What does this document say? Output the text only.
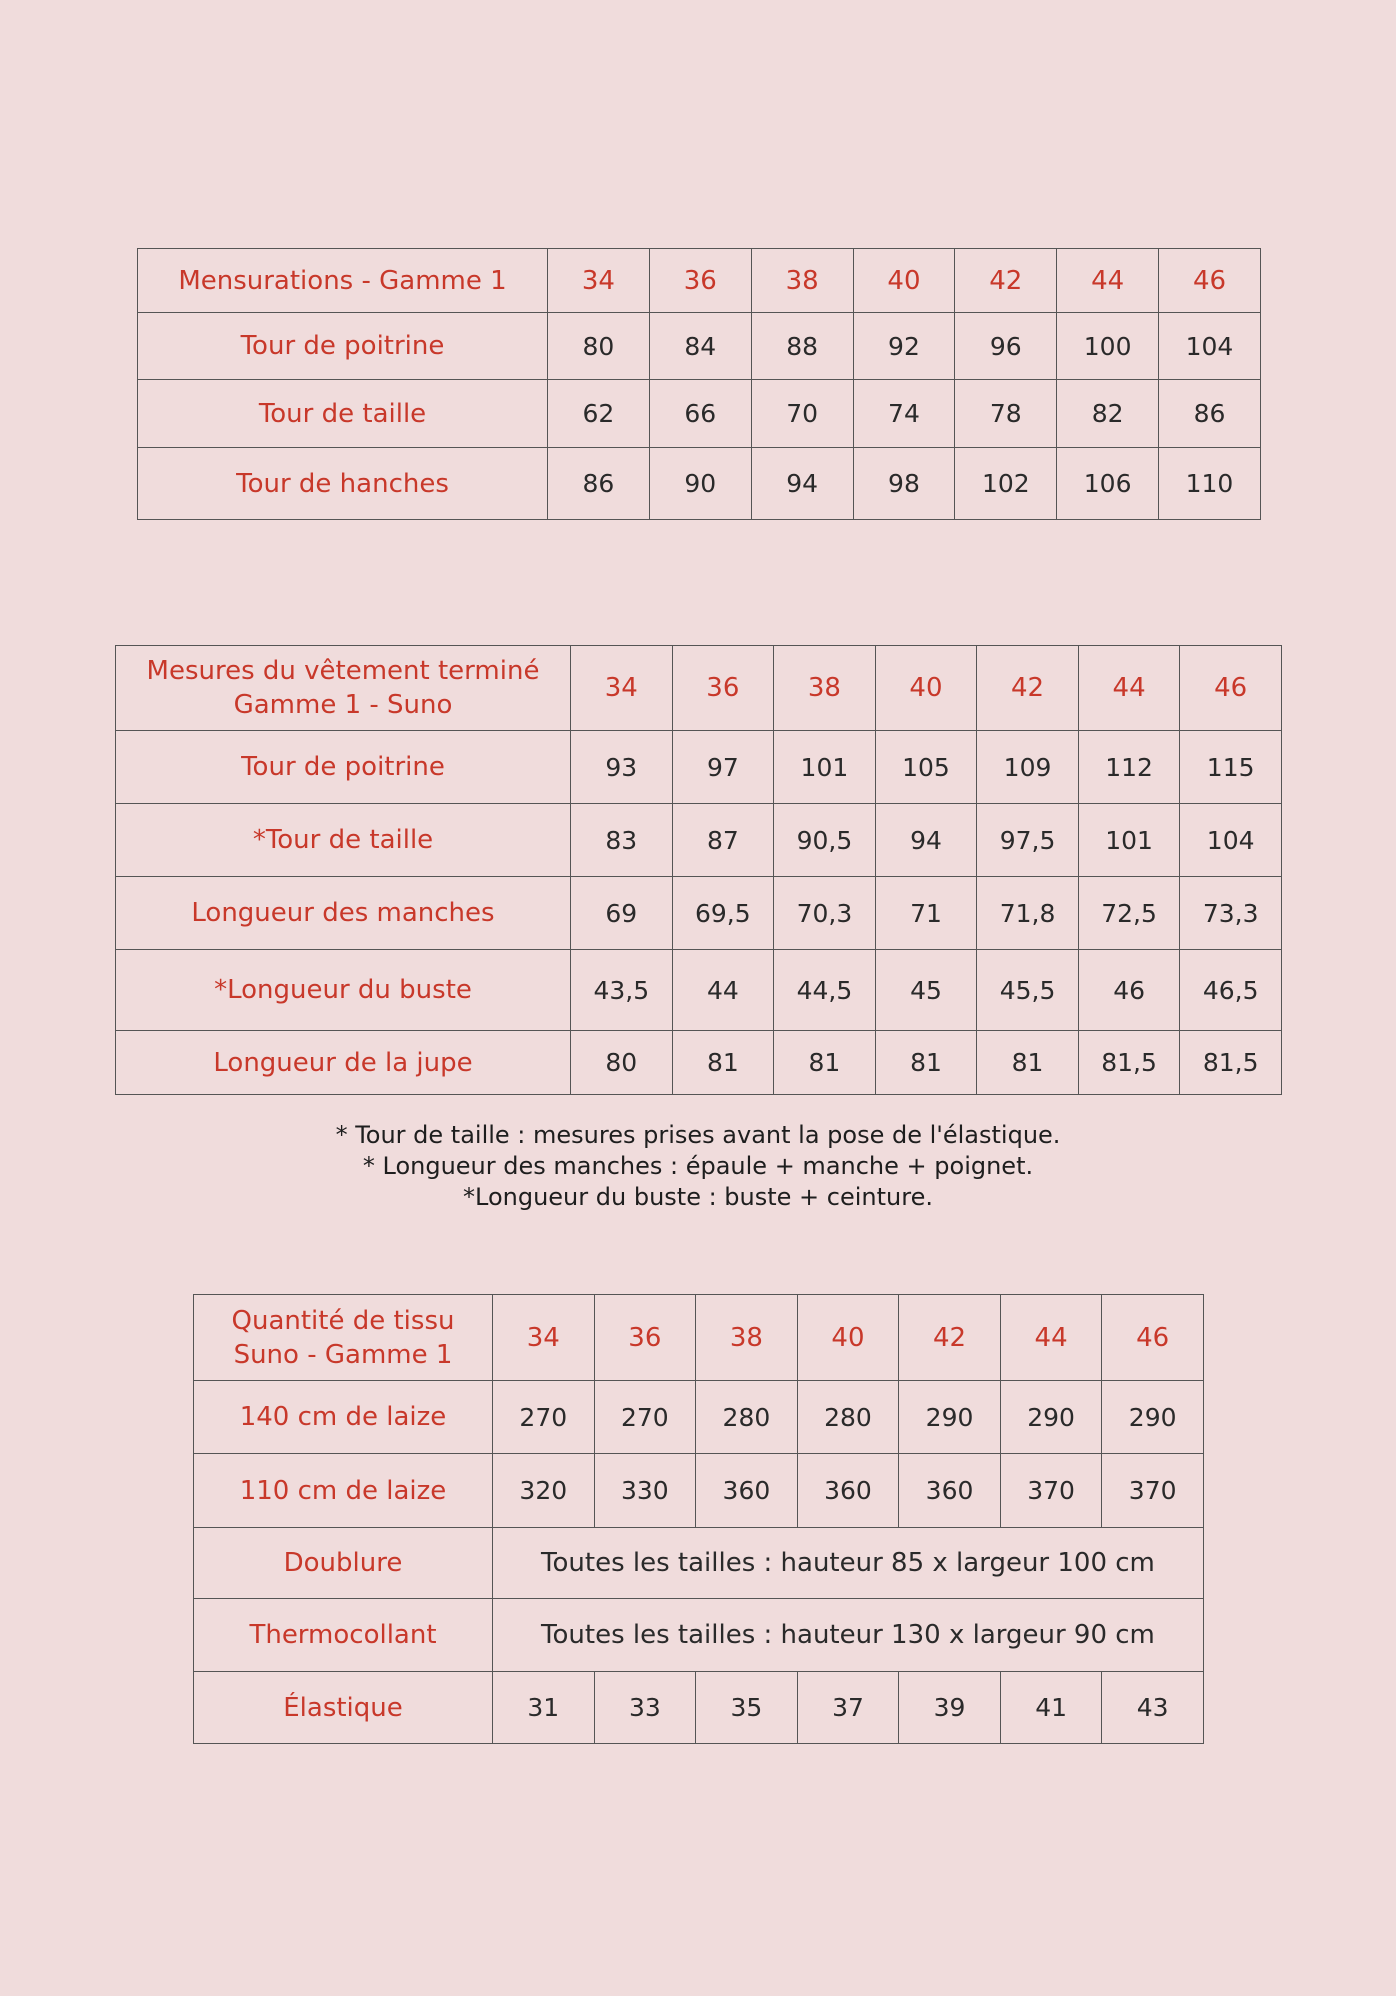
Mensurations - Gamme 1	34	36	38	40	42	44	46
Tour de poitrine	80	84	88	92	96	100	104
Tour de taille	62	66	70	74	78	82	86
Tour de hanches	86	90	94	98	102	106	110
Mesures du vêtement terminé
Gamme 1 - Suno	34	36	38	40	42	44	46
Tour de poitrine	93	97	101	105	109	112	115
*Tour de taille	83	87	90,5	94	97,5	101	104
Longueur des manches	69	69,5	70,3	71	71,8	72,5	73,3
*Longueur du buste	43,5	44	44,5	45	45,5	46	46,5
Longueur de la jupe	80	81	81	81	81	81,5	81,5
* Tour de taille : mesures prises avant la pose de l'élastique.
* Longueur des manches : épaule + manche + poignet.
*Longueur du buste : buste + ceinture.
Quantité de tissu
Suno - Gamme 1	34	36	38	40	42	44	46
140 cm de laize	270	270	280	280	290	290	290
110 cm de laize	320	330	360	360	360	370	370
Doublure	Toutes les tailles : hauteur 85 x largeur 100 cm						
Thermocollant	Toutes les tailles : hauteur 130 x largeur 90 cm						
Élastique	31	33	35	37	39	41	43
